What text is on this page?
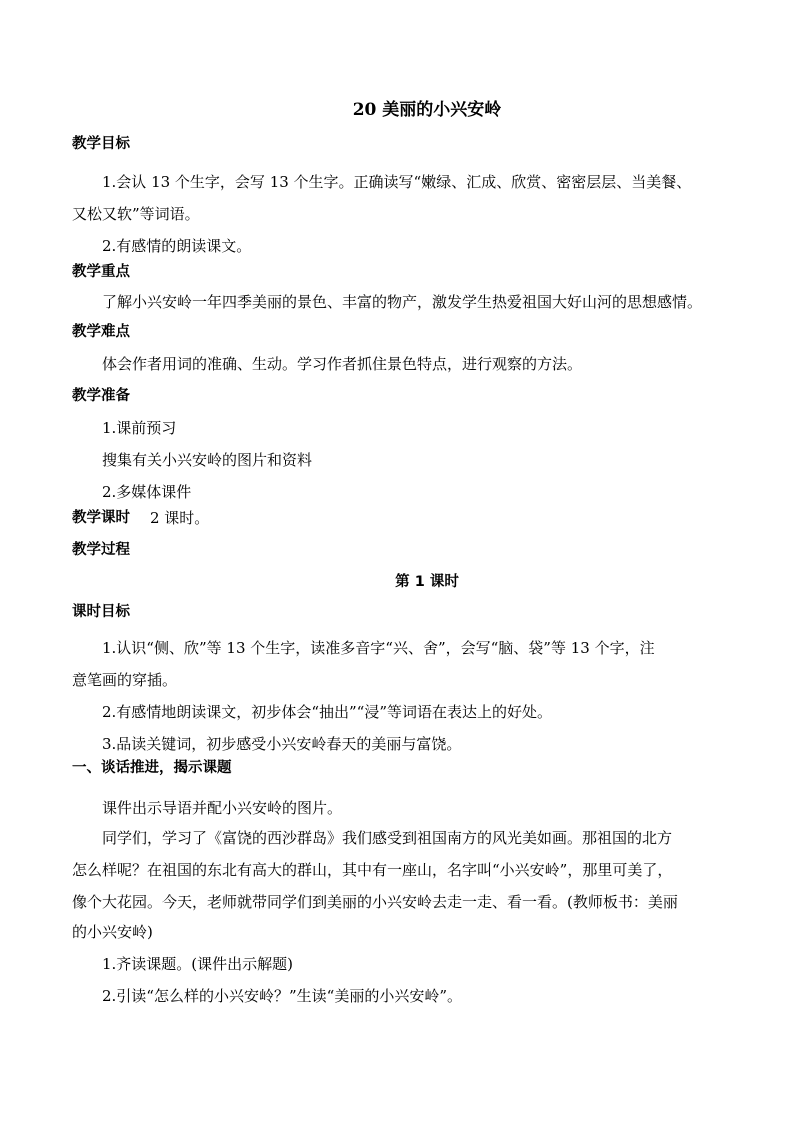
20 美丽的小兴安岭
教学目标
1.会认 13 个生字，会写 13 个生字。正确读写“嫩绿、汇成、欣赏、密密层层、当美餐、
又松又软”等词语。
2.有感情的朗读课文。
教学重点
了解小兴安岭一年四季美丽的景色、丰富的物产，激发学生热爱祖国大好山河的思想感情。
教学难点
体会作者用词的准确、生动。学习作者抓住景色特点，进行观察的方法。
教学准备
1.课前预习
搜集有关小兴安岭的图片和资料
2.多媒体课件
教学课时	2 课时。
教学过程
第 1 课时
课时目标
1.认识“侧、欣”等 13 个生字，读准多音字“兴、舍”，会写“脑、袋”等 13 个字，注
意笔画的穿插。
2.有感情地朗读课文，初步体会“抽出”“浸”等词语在表达上的好处。
3.品读关键词，初步感受小兴安岭春天的美丽与富饶。
一、谈话推进，揭示课题
课件出示导语并配小兴安岭的图片。
同学们，学习了《富饶的西沙群岛》我们感受到祖国南方的风光美如画。那祖国的北方
怎么样呢？在祖国的东北有高大的群山，其中有一座山，名字叫“小兴安岭”，那里可美了，
像个大花园。今天，老师就带同学们到美丽的小兴安岭去走一走、看一看。(教师板书：美丽
的小兴安岭)
1.齐读课题。(课件出示解题)
2.引读“怎么样的小兴安岭？”生读“美丽的小兴安岭”。
